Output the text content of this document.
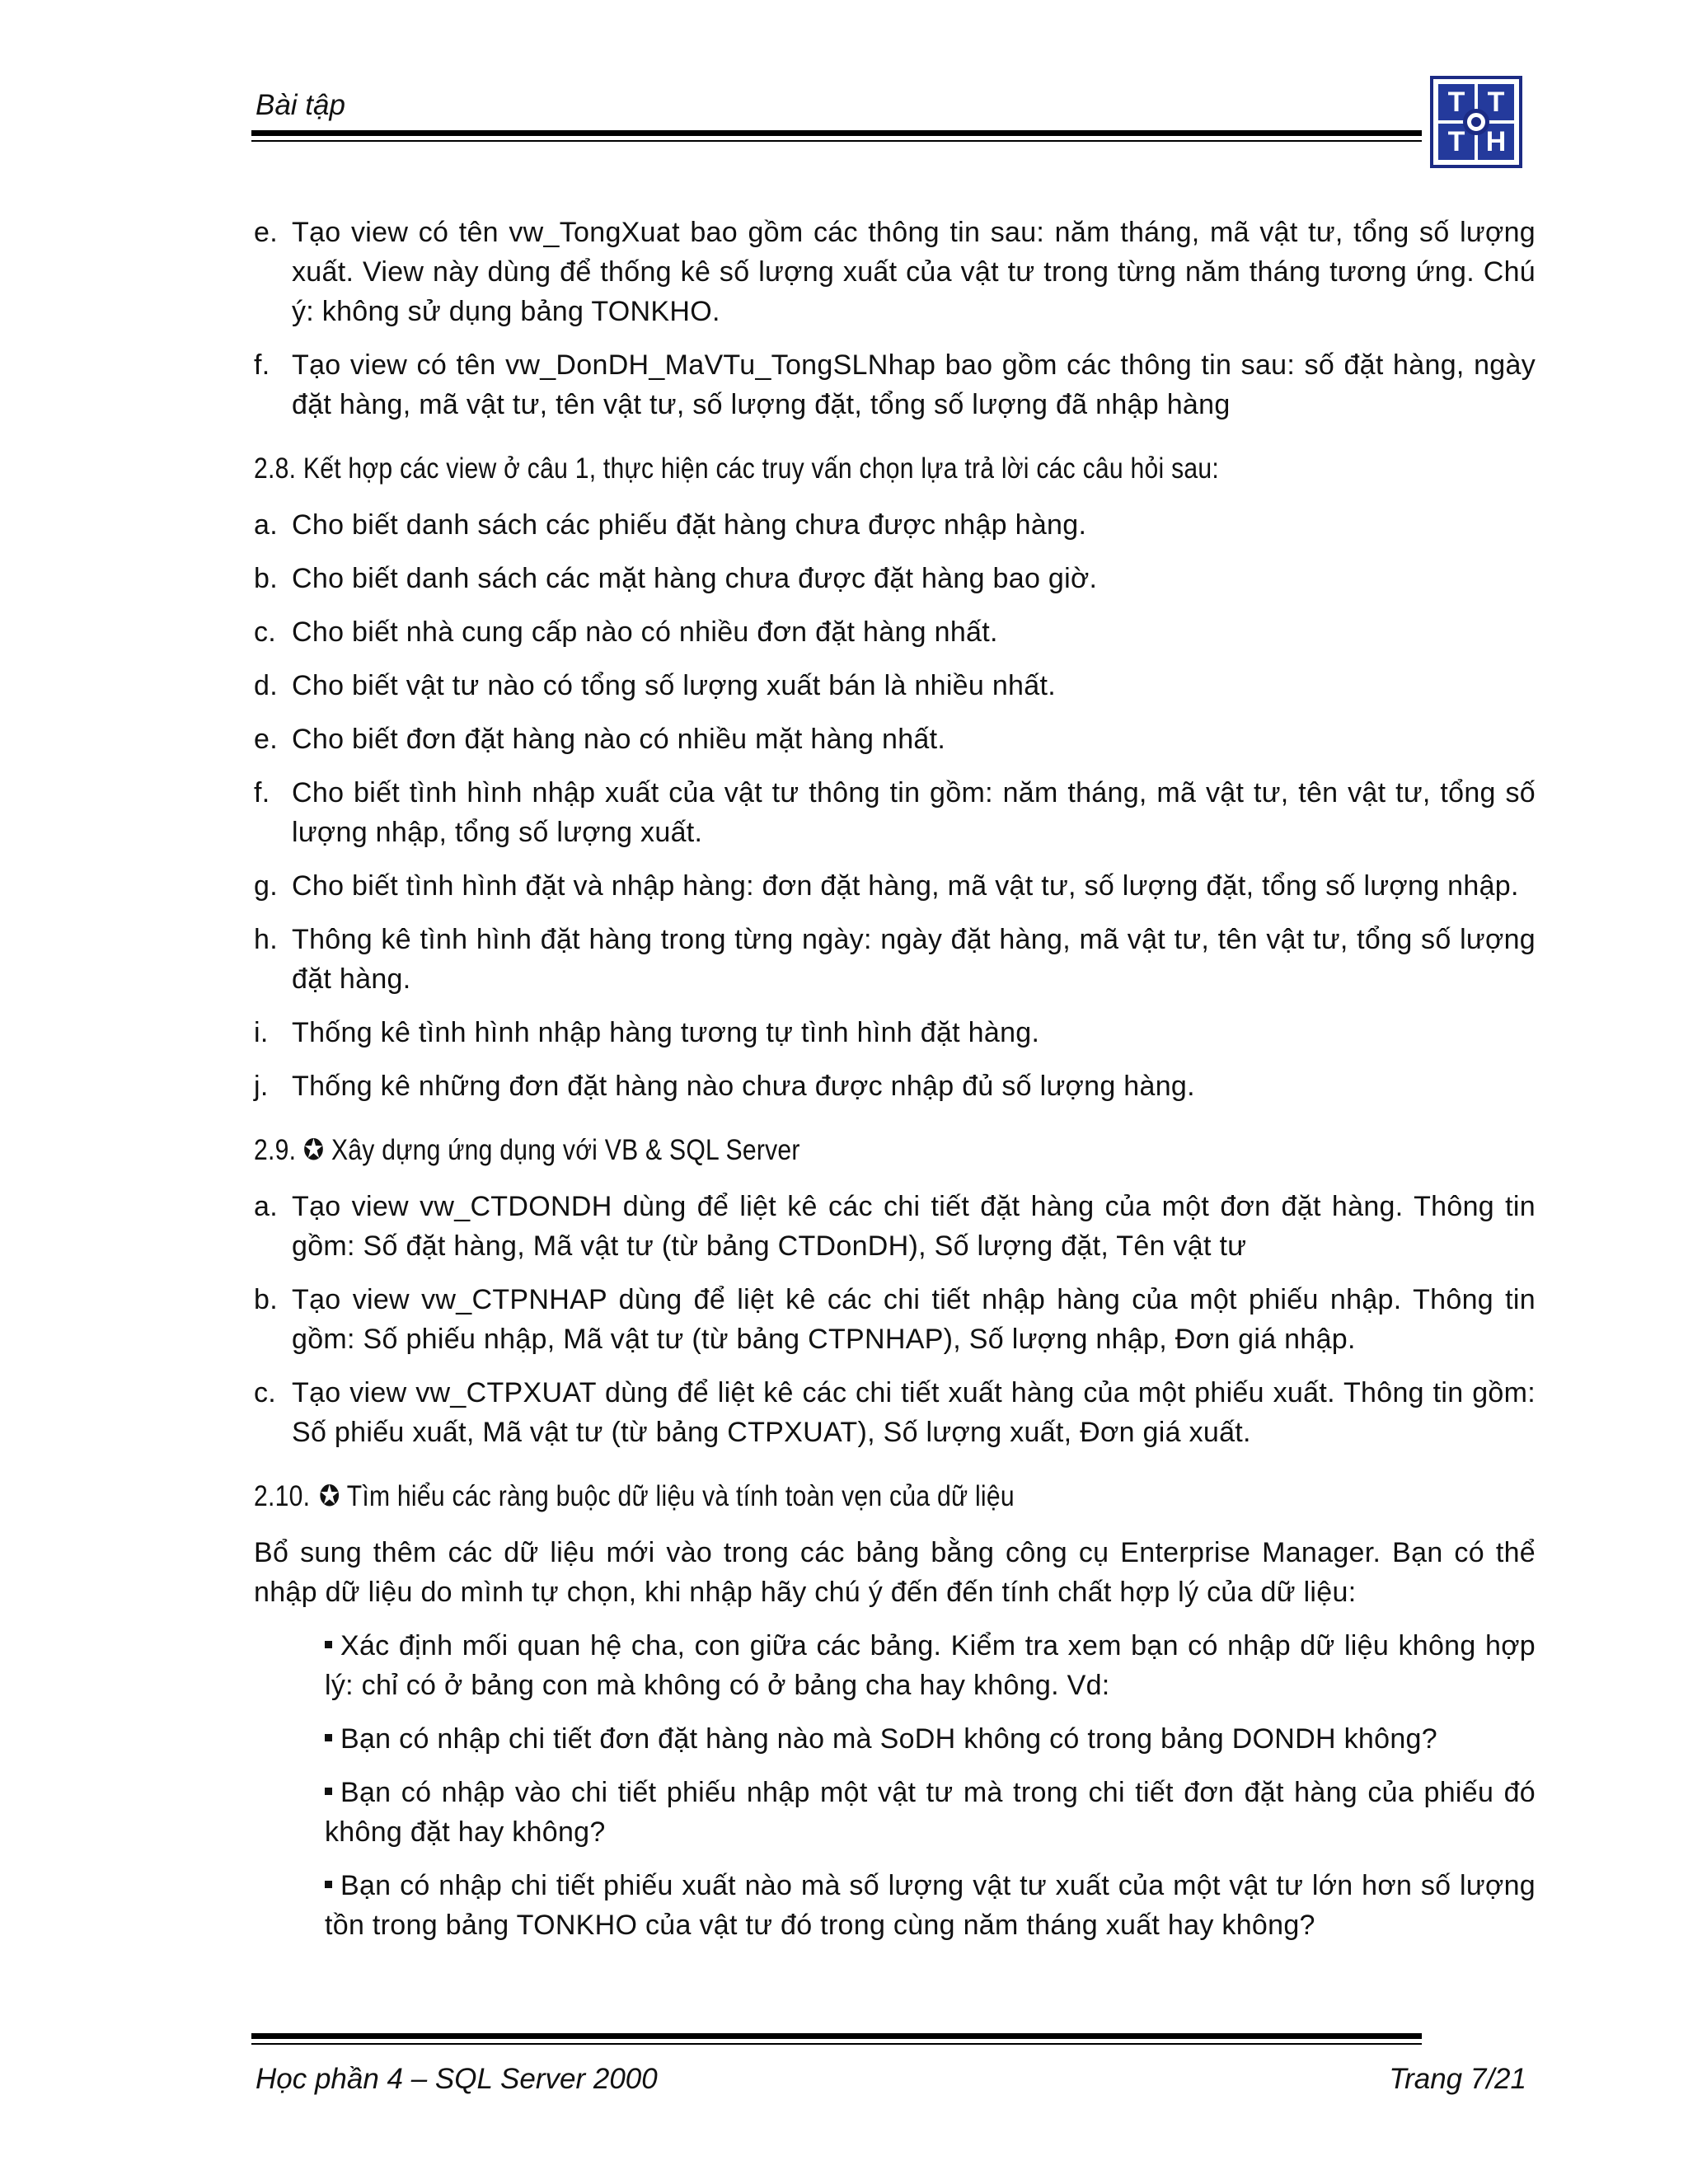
Bài tập	T T
T H
e. Tạo view có tên vw_TongXuat bao gồm các thông tin sau: năm tháng, mã vật tư, tổng số lượng xuất. View này dùng để thống kê số lượng xuất của vật tư trong từng năm tháng tương ứng. Chú ý: không sử dụng bảng TONKHO.
f. Tạo view có tên vw_DonDH_MaVTu_TongSLNhap bao gồm các thông tin sau: số đặt hàng, ngày đặt hàng, mã vật tư, tên vật tư, số lượng đặt, tổng số lượng đã nhập hàng
2.8. Kết hợp các view ở câu 1, thực hiện các truy vấn chọn lựa trả lời các câu hỏi sau:
a. Cho biết danh sách các phiếu đặt hàng chưa được nhập hàng.
b. Cho biết danh sách các mặt hàng chưa được đặt hàng bao giờ.
c. Cho biết nhà cung cấp nào có nhiều đơn đặt hàng nhất.
d. Cho biết vật tư nào có tổng số lượng xuất bán là nhiều nhất.
e. Cho biết đơn đặt hàng nào có nhiều mặt hàng nhất.
f. Cho biết tình hình nhập xuất của vật tư thông tin gồm: năm tháng, mã vật tư, tên vật tư, tổng số lượng nhập, tổng số lượng xuất.
g. Cho biết tình hình đặt và nhập hàng: đơn đặt hàng, mã vật tư, số lượng đặt, tổng số lượng nhập.
h. Thông kê tình hình đặt hàng trong từng ngày: ngày đặt hàng, mã vật tư, tên vật tư, tổng số lượng đặt hàng.
i. Thống kê tình hình nhập hàng tương tự tình hình đặt hàng.
j. Thống kê những đơn đặt hàng nào chưa được nhập đủ số lượng hàng.
2.9. ✪ Xây dựng ứng dụng với VB & SQL Server
a. Tạo view vw_CTDONDH dùng để liệt kê các chi tiết đặt hàng của một đơn đặt hàng. Thông tin gồm: Số đặt hàng, Mã vật tư (từ bảng CTDonDH), Số lượng đặt, Tên vật tư
b. Tạo view vw_CTPNHAP dùng để liệt kê các chi tiết nhập hàng của một phiếu nhập. Thông tin gồm: Số phiếu nhập, Mã vật tư (từ bảng CTPNHAP), Số lượng nhập, Đơn giá nhập.
c. Tạo view vw_CTPXUAT dùng để liệt kê các chi tiết xuất hàng của một phiếu xuất. Thông tin gồm: Số phiếu xuất, Mã vật tư (từ bảng CTPXUAT), Số lượng xuất, Đơn giá xuất.
2.10. ✪ Tìm hiểu các ràng buộc dữ liệu và tính toàn vẹn của dữ liệu
Bổ sung thêm các dữ liệu mới vào trong các bảng bằng công cụ Enterprise Manager. Bạn có thể nhập dữ liệu do mình tự chọn, khi nhập hãy chú ý đến đến tính chất hợp lý của dữ liệu:
Xác định mối quan hệ cha, con giữa các bảng. Kiểm tra xem bạn có nhập dữ liệu không hợp lý: chỉ có ở bảng con mà không có ở bảng cha hay không. Vd:
Bạn có nhập chi tiết đơn đặt hàng nào mà SoDH không có trong bảng DONDH không?
Bạn có nhập vào chi tiết phiếu nhập một vật tư mà trong chi tiết đơn đặt hàng của phiếu đó không đặt hay không?
Bạn có nhập chi tiết phiếu xuất nào mà số lượng vật tư xuất của một vật tư lớn hơn số lượng tồn trong bảng TONKHO của vật tư đó trong cùng năm tháng xuất hay không?
Học phần 4 – SQL Server 2000	Trang 7/21
